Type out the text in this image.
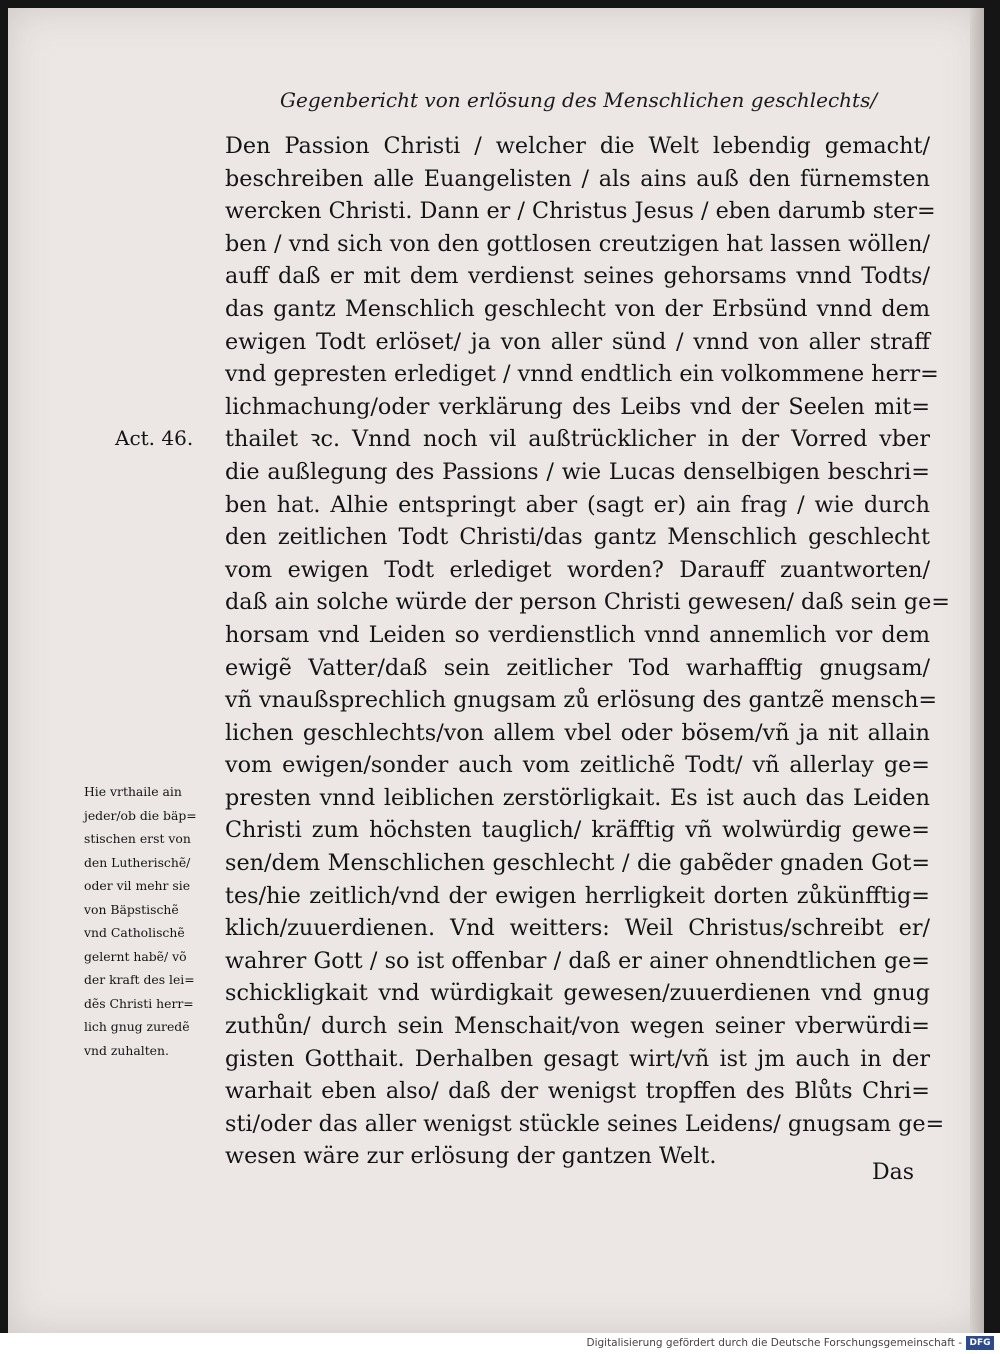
Gegenbericht von erlösung des Menschlichen geschlechts/
Act. 46.
Den Passion Christi / welcher die Welt lebendig gemacht/
beschreiben alle Euangelisten / als ains auß den fürnemsten
wercken Christi. Dann er / Christus Jesus / eben darumb ster=
ben / vnd sich von den gottlosen creutzigen hat lassen wöllen/
auff daß er mit dem verdienst seines gehorsams vnnd Todts/
das gantz Menschlich geschlecht von der Erbsünd vnnd dem
ewigen Todt erlöset/ ja von aller sünd / vnnd von aller straff
vnd gepresten erlediget / vnnd endtlich ein volkommene herr=
lichmachung/oder verklärung des Leibs vnd der Seelen mit=
thailet ꝛc. Vnnd noch vil außtrücklicher in der Vorred vber
die außlegung des Passions / wie Lucas denselbigen beschri=
ben hat. Alhie entspringt aber (sagt er) ain frag / wie durch
den zeitlichen Todt Christi/das gantz Menschlich geschlecht
vom ewigen Todt erlediget worden? Darauff zuantworten/
daß ain solche würde der person Christi gewesen/ daß sein ge=
horsam vnd Leiden so verdienstlich vnnd annemlich vor dem
ewigẽ Vatter/daß sein zeitlicher Tod warhafftig gnugsam/
vñ vnaußsprechlich gnugsam zů erlösung des gantzẽ mensch=
lichen geschlechts/von allem vbel oder bösem/vñ ja nit allain
vom ewigen/sonder auch vom zeitlichẽ Todt/ vñ allerlay ge=
presten vnnd leiblichen zerstörligkait. Es ist auch das Leiden
Christi zum höchsten tauglich/ kräfftig vñ wolwürdig gewe=
sen/dem Menschlichen geschlecht / die gabẽder gnaden Got=
tes/hie zeitlich/vnd der ewigen herrligkeit dorten zůkünfftig=
klich/zuuerdienen. Vnd weitters: Weil Christus/schreibt er/
wahrer Gott / so ist offenbar / daß er ainer ohnendtlichen ge=
schickligkait vnd würdigkait gewesen/zuuerdienen vnd gnug
zuthůn/ durch sein Menschait/von wegen seiner vberwürdi=
gisten Gotthait. Derhalben gesagt wirt/vñ ist jm auch in der
warhait eben also/ daß der wenigst tropffen des Blůts Chri=
sti/oder das aller wenigst stückle seines Leidens/ gnugsam ge=
wesen wäre zur erlösung der gantzen Welt.
Hie vrthaile ain
jeder/ob die bäp=
stischen erst von
den Lutherischẽ/
oder vil mehr sie
von Bäpstischẽ
vnd Catholischẽ
gelernt habẽ/ võ
der kraft des lei=
dẽs Christi herr=
lich gnug zuredẽ
vnd zuhalten.
Das
Digitalisierung gefördert durch die Deutsche Forschungsgemeinschaft - DFG
